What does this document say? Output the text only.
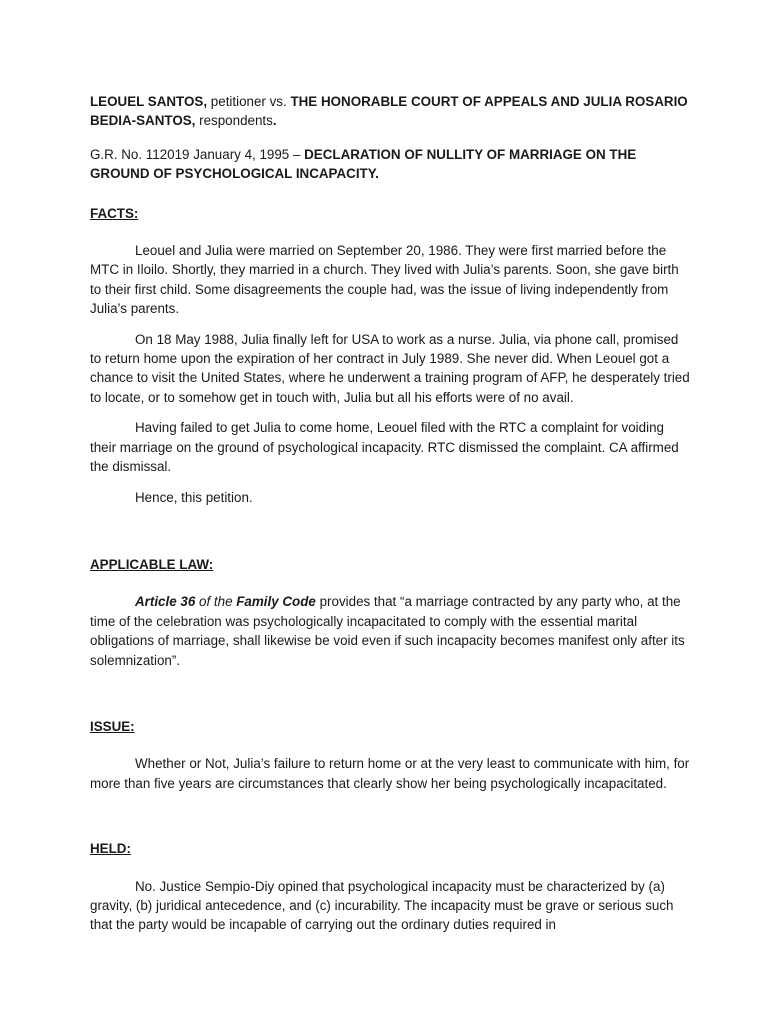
LEOUEL SANTOS, petitioner vs. THE HONORABLE COURT OF APPEALS AND JULIA ROSARIO BEDIA-SANTOS, respondents.

G.R. No. 112019 January 4, 1995 – DECLARATION OF NULLITY OF MARRIAGE ON THE GROUND OF PSYCHOLOGICAL INCAPACITY.

FACTS:

Leouel and Julia were married on September 20, 1986. They were first married before the MTC in Iloilo. Shortly, they married in a church. They lived with Julia’s parents. Soon, she gave birth to their first child. Some disagreements the couple had, was the issue of living independently from Julia’s parents.

On 18 May 1988, Julia finally left for USA to work as a nurse. Julia, via phone call, promised to return home upon the expiration of her contract in July 1989. She never did. When Leouel got a chance to visit the United States, where he underwent a training program of AFP, he desperately tried to locate, or to somehow get in touch with, Julia but all his efforts were of no avail.

Having failed to get Julia to come home, Leouel filed with the RTC a complaint for voiding their marriage on the ground of psychological incapacity. RTC dismissed the complaint. CA affirmed the dismissal.

Hence, this petition.

APPLICABLE LAW:

Article 36 of the Family Code provides that “a marriage contracted by any party who, at the time of the celebration was psychologically incapacitated to comply with the essential marital obligations of marriage, shall likewise be void even if such incapacity becomes manifest only after its solemnization”.

ISSUE:

Whether or Not, Julia’s failure to return home or at the very least to communicate with him, for more than five years are circumstances that clearly show her being psychologically incapacitated.

HELD:

No. Justice Sempio-Diy opined that psychological incapacity must be characterized by (a) gravity, (b) juridical antecedence, and (c) incurability. The incapacity must be grave or serious such that the party would be incapable of carrying out the ordinary duties required in
